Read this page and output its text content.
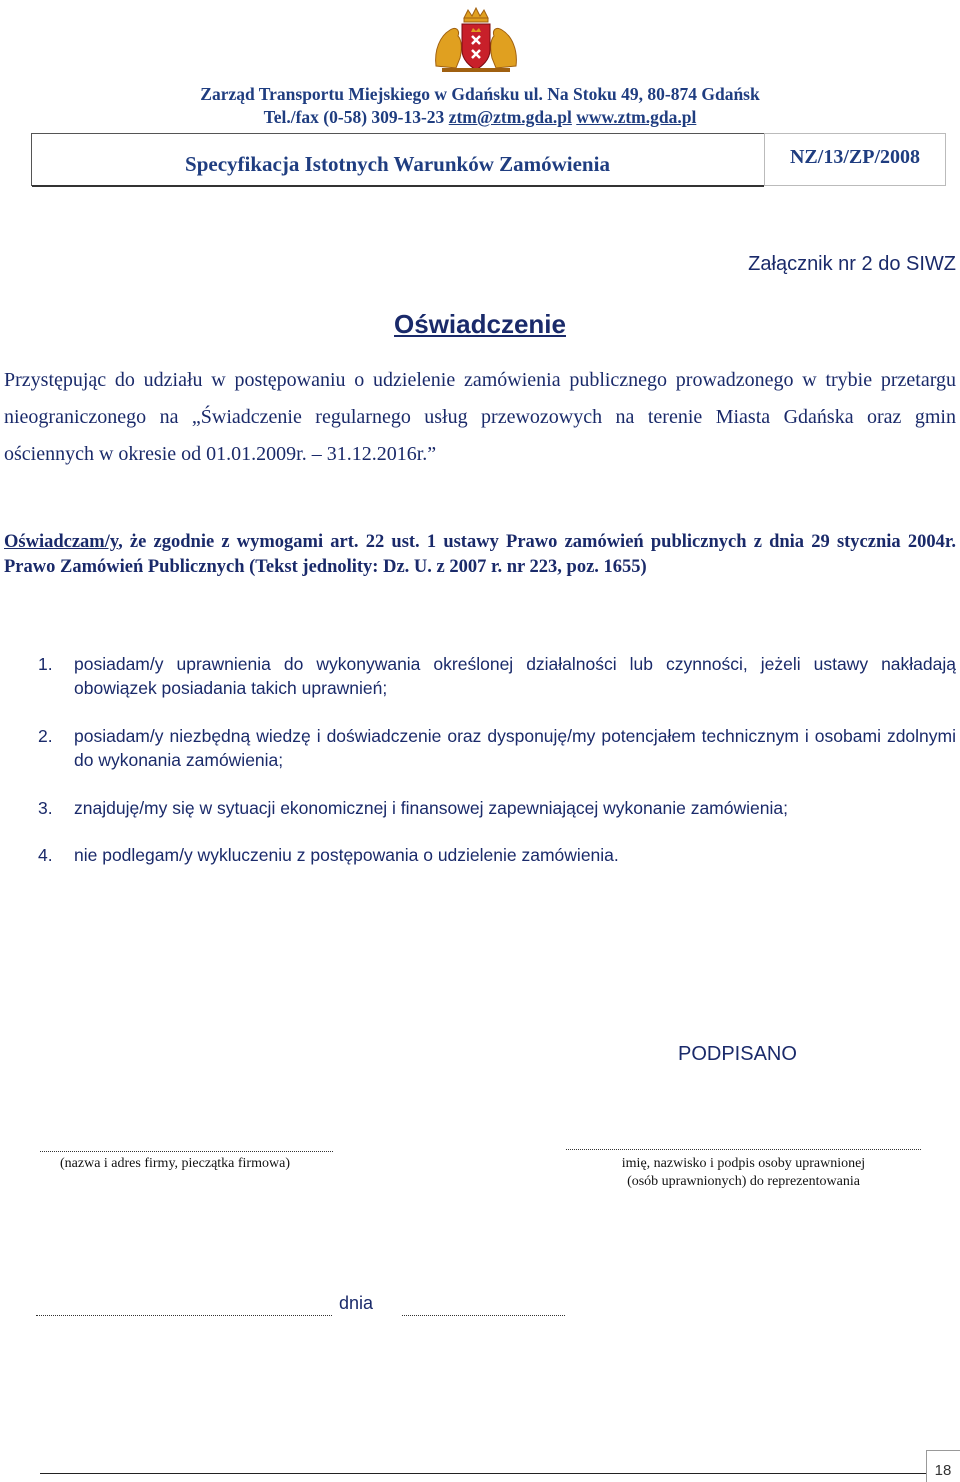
Zarząd Transportu Miejskiego w Gdańsku ul. Na Stoku 49, 80-874 Gdańsk
Tel./fax (0-58) 309-13-23 ztm@ztm.gda.pl www.ztm.gda.pl
Specyfikacja Istotnych Warunków Zamówienia	NZ/13/ZP/2008
Załącznik nr 2 do SIWZ
Oświadczenie
Przystępując do udziału w postępowaniu o udzielenie zamówienia publicznego prowadzonego w trybie przetargu nieograniczonego na „Świadczenie regularnego usług przewozowych na terenie Miasta Gdańska oraz gmin ościennych w okresie od 01.01.2009r. – 31.12.2016r.”
Oświadczam/y, że zgodnie z wymogami art. 22 ust. 1 ustawy Prawo zamówień publicznych z dnia 29 stycznia 2004r. Prawo Zamówień Publicznych (Tekst jednolity: Dz. U. z 2007 r. nr 223, poz. 1655)
1. posiadam/y uprawnienia do wykonywania określonej działalności lub czynności, jeżeli ustawy nakładają obowiązek posiadania takich uprawnień;
2. posiadam/y niezbędną wiedzę i doświadczenie oraz dysponuję/my potencjałem technicznym i osobami zdolnymi do wykonania zamówienia;
3. znajduję/my się w sytuacji ekonomicznej i finansowej zapewniającej wykonanie zamówienia;
4. nie podlegam/y wykluczeniu z postępowania o udzielenie zamówienia.
PODPISANO
(nazwa i adres firmy, pieczątka firmowa)	imię, nazwisko i podpis osoby uprawnionej
(osób uprawnionych) do reprezentowania
dnia
18
